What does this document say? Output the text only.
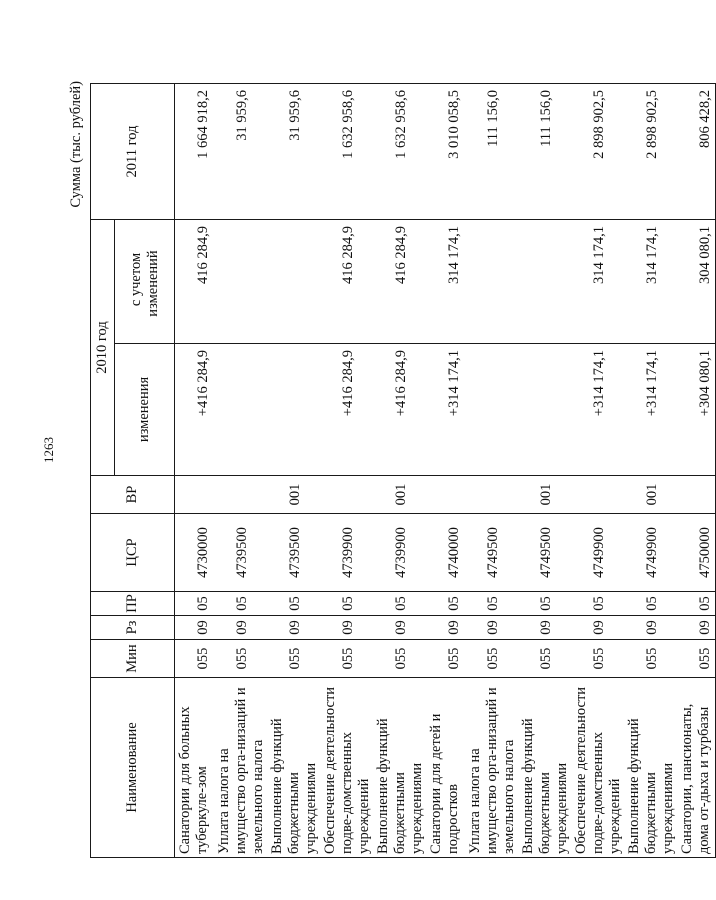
1263
Сумма (тыс. рублей)
Наименование	Мин	Рз	ПР	ЦСР	ВР	2010 год		2011 год
						изменения	с учетом изменений	
Санатории для больных туберкуле-зом	055	09	05	4730000		+416 284,9	416 284,9	1 664 918,2
Уплата налога на имущество орга-низаций и земельного налога	055	09	05	4739500				31 959,6
Выполнение функций бюджетными учреждениями	055	09	05	4739500	001			31 959,6
Обеспечение деятельности подве-домственных учреждений	055	09	05	4739900		+416 284,9	416 284,9	1 632 958,6
Выполнение функций бюджетными учреждениями	055	09	05	4739900	001	+416 284,9	416 284,9	1 632 958,6
Санатории для детей и подростков	055	09	05	4740000		+314 174,1	314 174,1	3 010 058,5
Уплата налога на имущество орга-низаций и земельного налога	055	09	05	4749500				111 156,0
Выполнение функций бюджетными учреждениями	055	09	05	4749500	001			111 156,0
Обеспечение деятельности подве-домственных учреждений	055	09	05	4749900		+314 174,1	314 174,1	2 898 902,5
Выполнение функций бюджетными учреждениями	055	09	05	4749900	001	+314 174,1	314 174,1	2 898 902,5
Санатории, пансионаты, дома от-дыха и турбазы	055	09	05	4750000		+304 080,1	304 080,1	806 428,2
